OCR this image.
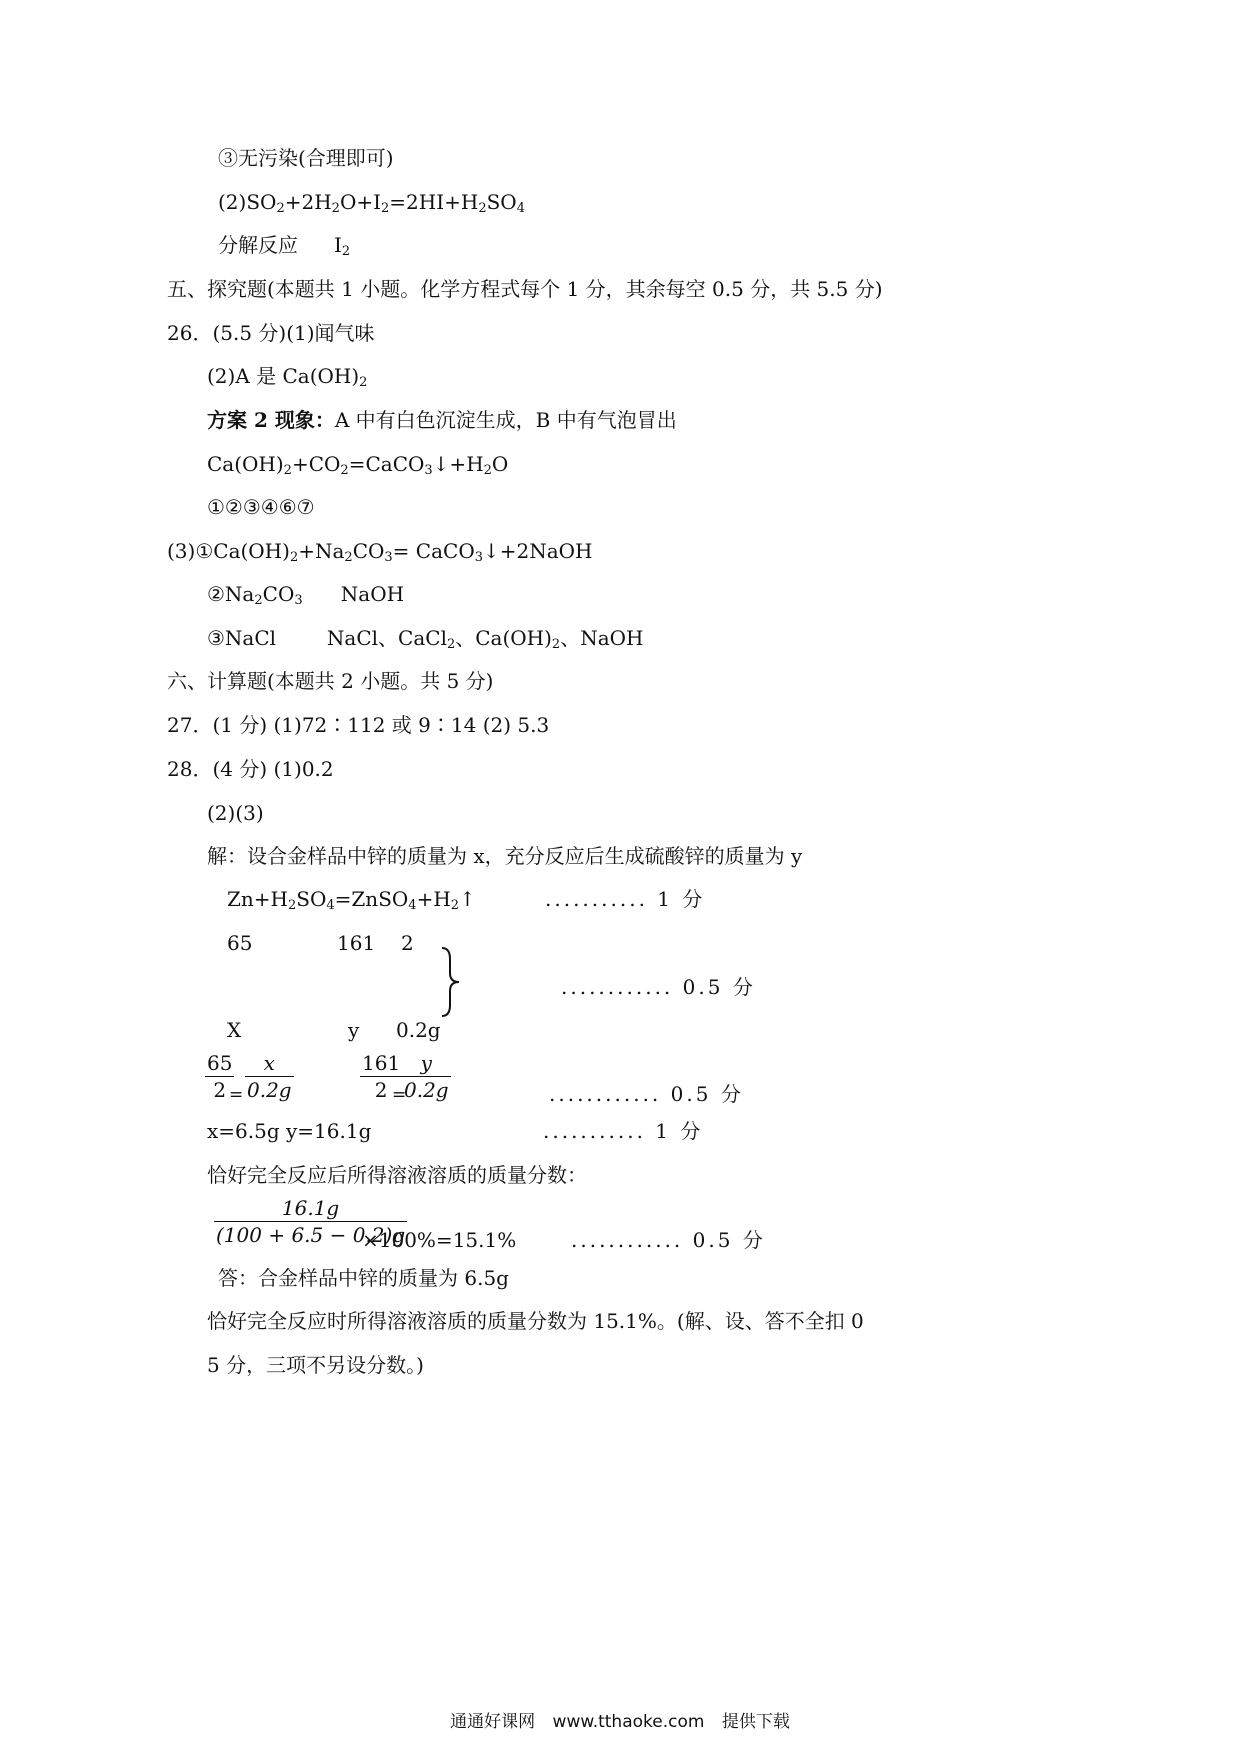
③无污染(合理即可)
$(2)SO_2+2H_2O+I_2=2HI+H_2SO_4$
分解反应 $I_2$
五、探究题(本题共 1 小题。化学方程式每个 1 分，其余每空 0.5 分，共 5.5 分)
26．(5.5 分)(1)闻气味
(2)A 是 $Ca(OH)_2$
方案 2 现象：A 中有白色沉淀生成，B 中有气泡冒出
$Ca(OH)_2+CO_2=CaCO_3↓+H_2O$
①②③④⑥⑦
$(3)①Ca(OH)_2+Na_2CO_3=$ CaCO$_3$↓+2NaOH
$②Na_2CO_3$      NaOH
③NaCl        NaCl、CaCl$_2$、$Ca(OH)_2$、NaOH
六、计算题(本题共 2 小题。共 5 分)
27．(1 分) (1)72∶112 或 9∶14 (2) 5.3
28．(4 分) (1)0.2
(2)(3)
解：设合金样品中锌的质量为 x，充分反应后生成硫酸锌的质量为 y
$Zn+H_2SO_4=ZnSO_4+H_2↑$	........... 1 分
65	161 2
............ 0.5 分
X	y 0.2g
$\frac{65}{2}$
= $\frac{x}{0.2g}$	$\frac{161}{2}$
=
$\frac{y}{0.2g}$	............ 0.5 分
x=6.5g y=16.1g	........... 1 分
恰好完全反应后所得溶液溶质的质量分数：
$\frac{16.1g}{(100 + 6.5 - 0.2)g}$
×100%=15.1%	............ 0.5 分
答：合金样品中锌的质量为 6.5g
恰好完全反应时所得溶液溶质的质量分数为 15.1%。(解、设、答不全扣 0
5 分，三项不另设分数。)
通通好课网 www.tthaoke.com 提供下载
